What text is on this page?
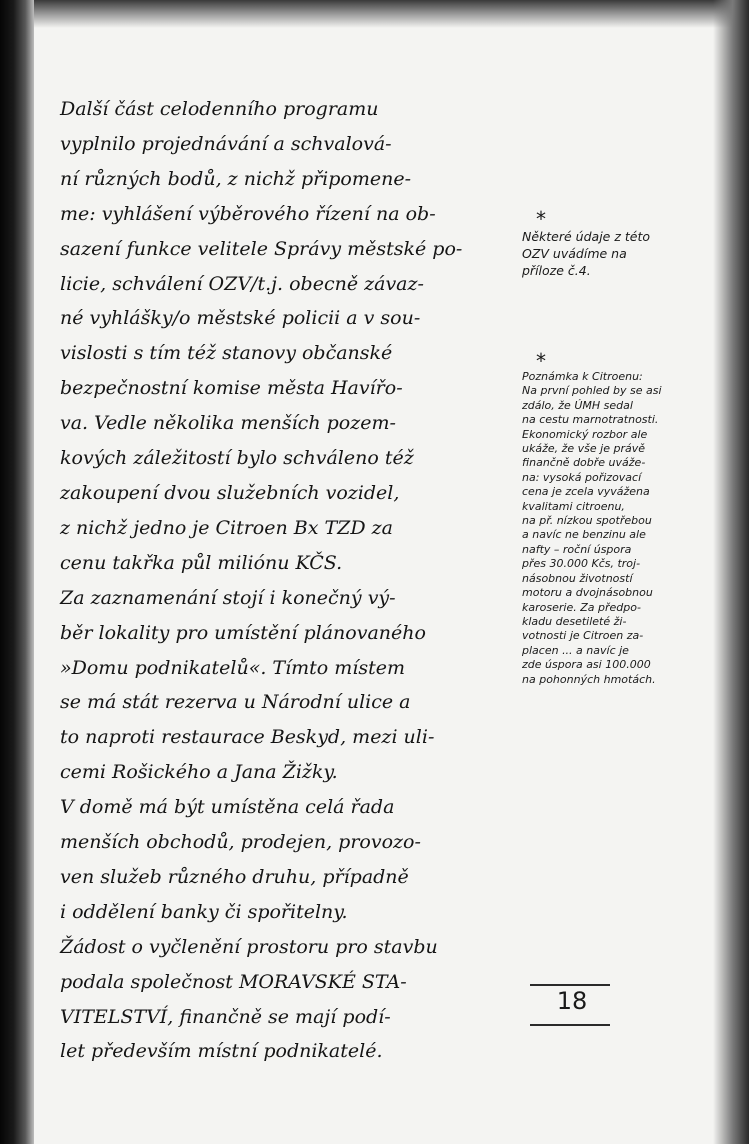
Další část celodenního programu
vyplnilo projednávání a schvalová-
ní různých bodů, z nichž připomene-
me: vyhlášení výběrového řízení na ob-
sazení funkce velitele Správy městské po-
licie, schválení OZV/t.j. obecně závaz-
né vyhlášky/o městské policii a v sou-
vislosti s tím též stanovy občanské
bezpečnostní komise města Havířo-
va. Vedle několika menších pozem-
kových záležitostí bylo schváleno též
zakoupení dvou služebních vozidel,
z nichž jedno je Citroen Bx TZD za
cenu takřka půl miliónu KČS.
Za zaznamenání stojí i konečný vý-
běr lokality pro umístění plánovaného
»Domu podnikatelů«. Tímto místem
se má stát rezerva u Národní ulice a
to naproti restaurace Beskyd, mezi uli-
cemi Rošického a Jana Žižky.
V domě má být umístěna celá řada
menších obchodů, prodejen, provozo-
ven služeb různého druhu, případně
i oddělení banky či spořitelny.
Žádost o vyčlenění prostoru pro stavbu
podala společnost MORAVSKÉ STA-
VITELSTVÍ, finančně se mají podí-
let především místní podnikatelé.
*
Některé údaje z této
OZV uvádíme na
příloze č.4.
*
Poznámka k Citroenu:
Na první pohled by se asi
zdálo, že ÚMH sedal
na cestu marnotratnosti.
Ekonomický rozbor ale
ukáže, že vše je právě
finančně dobře uváže-
na: vysoká pořizovací
cena je zcela vyvážena
kvalitami citroenu,
na př. nízkou spotřebou
a navíc ne benzinu ale
nafty – roční úspora
přes 30.000 Kčs, troj-
násobnou životností
motoru a dvojnásobnou
karoserie. Za předpo-
kladu desetileté ži-
votnosti je Citroen za-
placen ... a navíc je
zde úspora asi 100.000
na pohonných hmotách.
18
